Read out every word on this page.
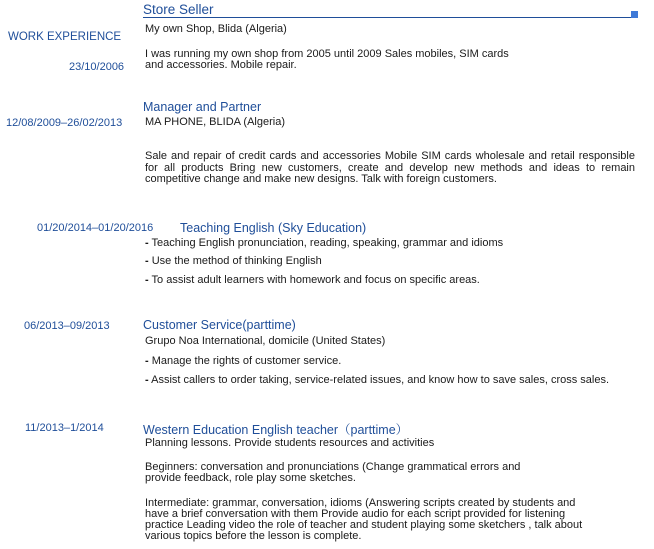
Store Seller
WORK EXPERIENCE
My own Shop, Blida (Algeria)
23/10/2006
I was running my own shop from 2005 until 2009 Sales mobiles, SIM cards
and accessories. Mobile repair.
12/08/2009–26/02/2013
Manager and Partner
MA PHONE, BLIDA (Algeria)
Sale and repair of credit cards and accessories Mobile SIM cards wholesale and retail responsible for all products Bring new customers, create and develop new methods and ideas to remain competitive change and make new designs. Talk with foreign customers.
01/20/2014–01/20/2016 Teaching English (Sky Education)
- Teaching English pronunciation, reading, speaking, grammar and idioms
- Use the method of thinking English
- To assist adult learners with homework and focus on specific areas.
06/2013–09/2013	Customer Service(parttime)
Grupo Noa International, domicile (United States)
- Manage the rights of customer service.
- Assist callers to order taking, service-related issues, and know how to save sales, cross sales.
11/2013–1/2014	Western Education English teacher（parttime）
Planning lessons. Provide students resources and activities
Beginners: conversation and pronunciations (Change grammatical errors and
provide feedback, role play some sketches.
Intermediate: grammar, conversation, idioms (Answering scripts created by students and
have a brief conversation with them Provide audio for each script provided for listening
practice Leading video the role of teacher and student playing some sketchers , talk about
various topics before the lesson is complete.
